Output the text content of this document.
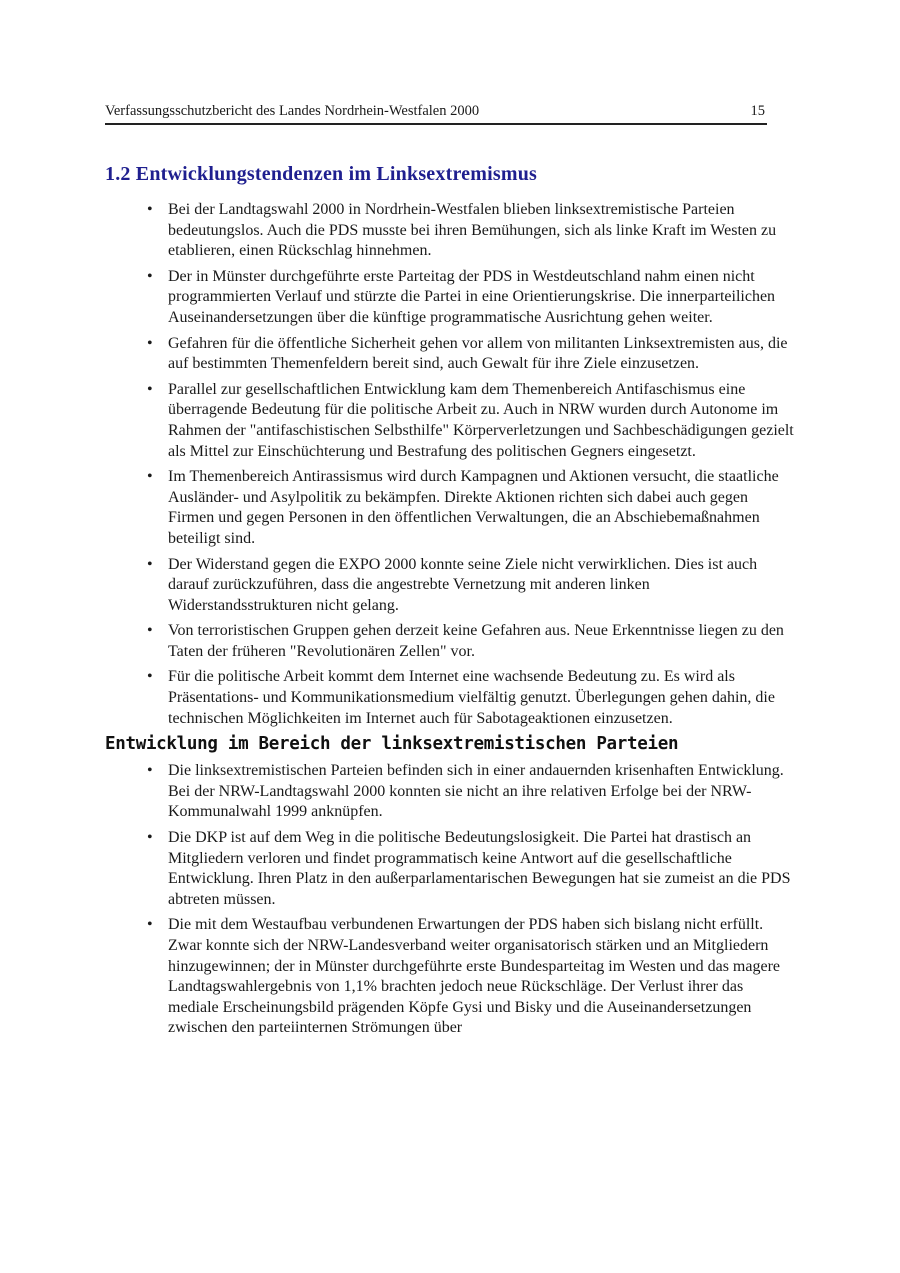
Verfassungsschutzbericht des Landes Nordrhein-Westfalen 2000	15
1.2 Entwicklungstendenzen im Linksextremismus
• Bei der Landtagswahl 2000 in Nordrhein-Westfalen blieben linksextremistische Parteien bedeutungslos. Auch die PDS musste bei ihren Bemühungen, sich als linke Kraft im Westen zu etablieren, einen Rückschlag hinnehmen.
• Der in Münster durchgeführte erste Parteitag der PDS in Westdeutschland nahm einen nicht programmierten Verlauf und stürzte die Partei in eine Orientierungskrise. Die innerparteilichen Auseinandersetzungen über die künftige programmatische Ausrichtung gehen weiter.
• Gefahren für die öffentliche Sicherheit gehen vor allem von militanten Linksextremisten aus, die auf bestimmten Themenfeldern bereit sind, auch Gewalt für ihre Ziele einzusetzen.
• Parallel zur gesellschaftlichen Entwicklung kam dem Themenbereich Antifaschismus eine überragende Bedeutung für die politische Arbeit zu. Auch in NRW wurden durch Autonome im Rahmen der "antifaschistischen Selbsthilfe" Körperverletzungen und Sachbeschädigungen gezielt als Mittel zur Einschüchterung und Bestrafung des politischen Gegners eingesetzt.
• Im Themenbereich Antirassismus wird durch Kampagnen und Aktionen versucht, die staatliche Ausländer- und Asylpolitik zu bekämpfen. Direkte Aktionen richten sich dabei auch gegen Firmen und gegen Personen in den öffentlichen Verwaltungen, die an Abschiebemaßnahmen beteiligt sind.
• Der Widerstand gegen die EXPO 2000 konnte seine Ziele nicht verwirklichen. Dies ist auch darauf zurückzuführen, dass die angestrebte Vernetzung mit anderen linken Widerstandsstrukturen nicht gelang.
• Von terroristischen Gruppen gehen derzeit keine Gefahren aus. Neue Erkenntnisse liegen zu den Taten der früheren "Revolutionären Zellen" vor.
• Für die politische Arbeit kommt dem Internet eine wachsende Bedeutung zu. Es wird als Präsentations- und Kommunikationsmedium vielfältig genutzt. Überlegungen gehen dahin, die technischen Möglichkeiten im Internet auch für Sabotageaktionen einzusetzen.
Entwicklung im Bereich der linksextremistischen Parteien
• Die linksextremistischen Parteien befinden sich in einer andauernden krisenhaften Entwicklung. Bei der NRW-Landtagswahl 2000 konnten sie nicht an ihre relativen Erfolge bei der NRW-Kommunalwahl 1999 anknüpfen.
• Die DKP ist auf dem Weg in die politische Bedeutungslosigkeit. Die Partei hat drastisch an Mitgliedern verloren und findet programmatisch keine Antwort auf die gesellschaftliche Entwicklung. Ihren Platz in den außerparlamentarischen Bewegungen hat sie zumeist an die PDS abtreten müssen.
• Die mit dem Westaufbau verbundenen Erwartungen der PDS haben sich bislang nicht erfüllt. Zwar konnte sich der NRW-Landesverband weiter organisatorisch stärken und an Mitgliedern hinzugewinnen; der in Münster durchgeführte erste Bundesparteitag im Westen und das magere Landtagswahlergebnis von 1,1% brachten jedoch neue Rückschläge. Der Verlust ihrer das mediale Erscheinungsbild prägenden Köpfe Gysi und Bisky und die Auseinandersetzungen zwischen den parteiinternen Strömungen über
